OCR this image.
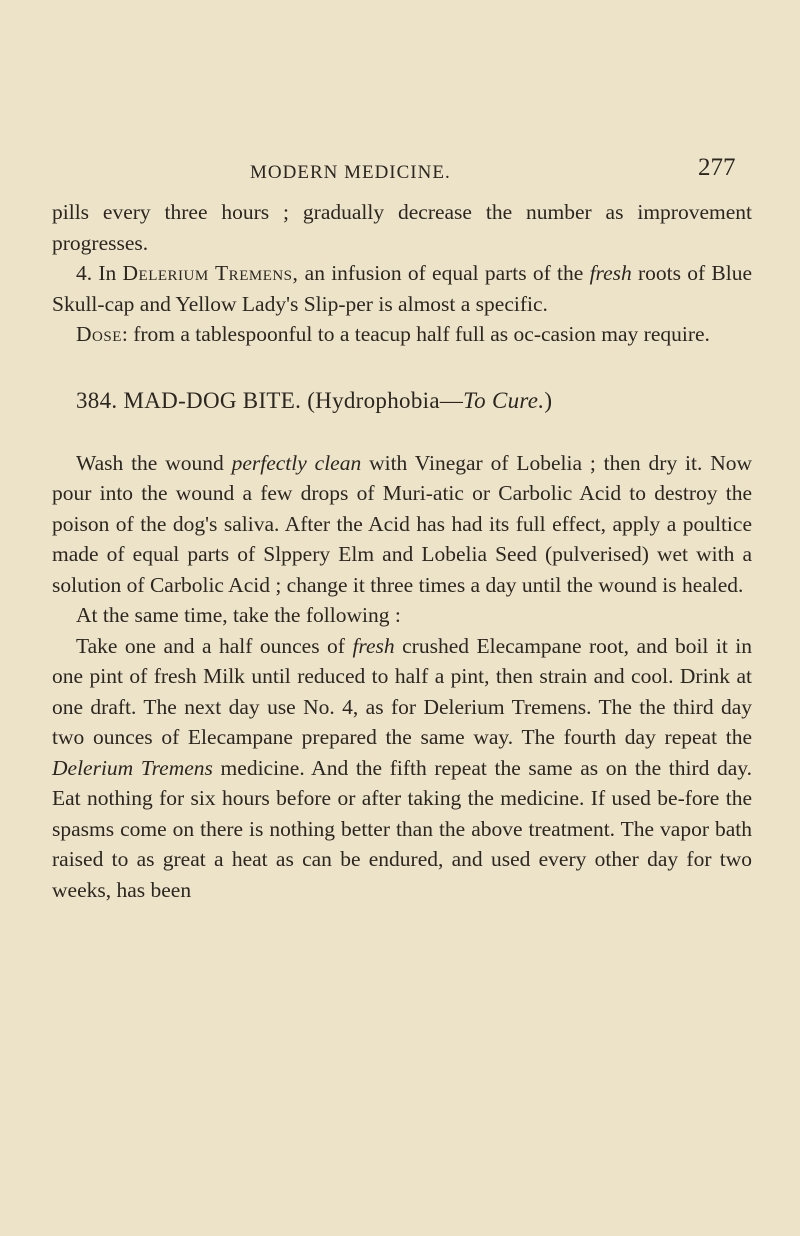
MODERN MEDICINE.	277

pills every three hours ; gradually decrease the number as improvement progresses.

4. In Delerium Tremens, an infusion of equal parts of the fresh roots of Blue Skull-cap and Yellow Lady's Slip-per is almost a specific.

Dose: from a tablespoonful to a teacup half full as oc-casion may require.

384. MAD-DOG BITE. (Hydrophobia—To Cure.)

Wash the wound perfectly clean with Vinegar of Lobelia ; then dry it. Now pour into the wound a few drops of Muri-atic or Carbolic Acid to destroy the poison of the dog's saliva. After the Acid has had its full effect, apply a poultice made of equal parts of Slppery Elm and Lobelia Seed (pulverised) wet with a solution of Carbolic Acid ; change it three times a day until the wound is healed.

At the same time, take the following :

Take one and a half ounces of fresh crushed Elecampane root, and boil it in one pint of fresh Milk until reduced to half a pint, then strain and cool. Drink at one draft. The next day use No. 4, as for Delerium Tremens. The the third day two ounces of Elecampane prepared the same way. The fourth day repeat the Delerium Tremens medicine. And the fifth repeat the same as on the third day. Eat nothing for six hours before or after taking the medicine. If used be-fore the spasms come on there is nothing better than the above treatment. The vapor bath raised to as great a heat as can be endured, and used every other day for two weeks, has been
